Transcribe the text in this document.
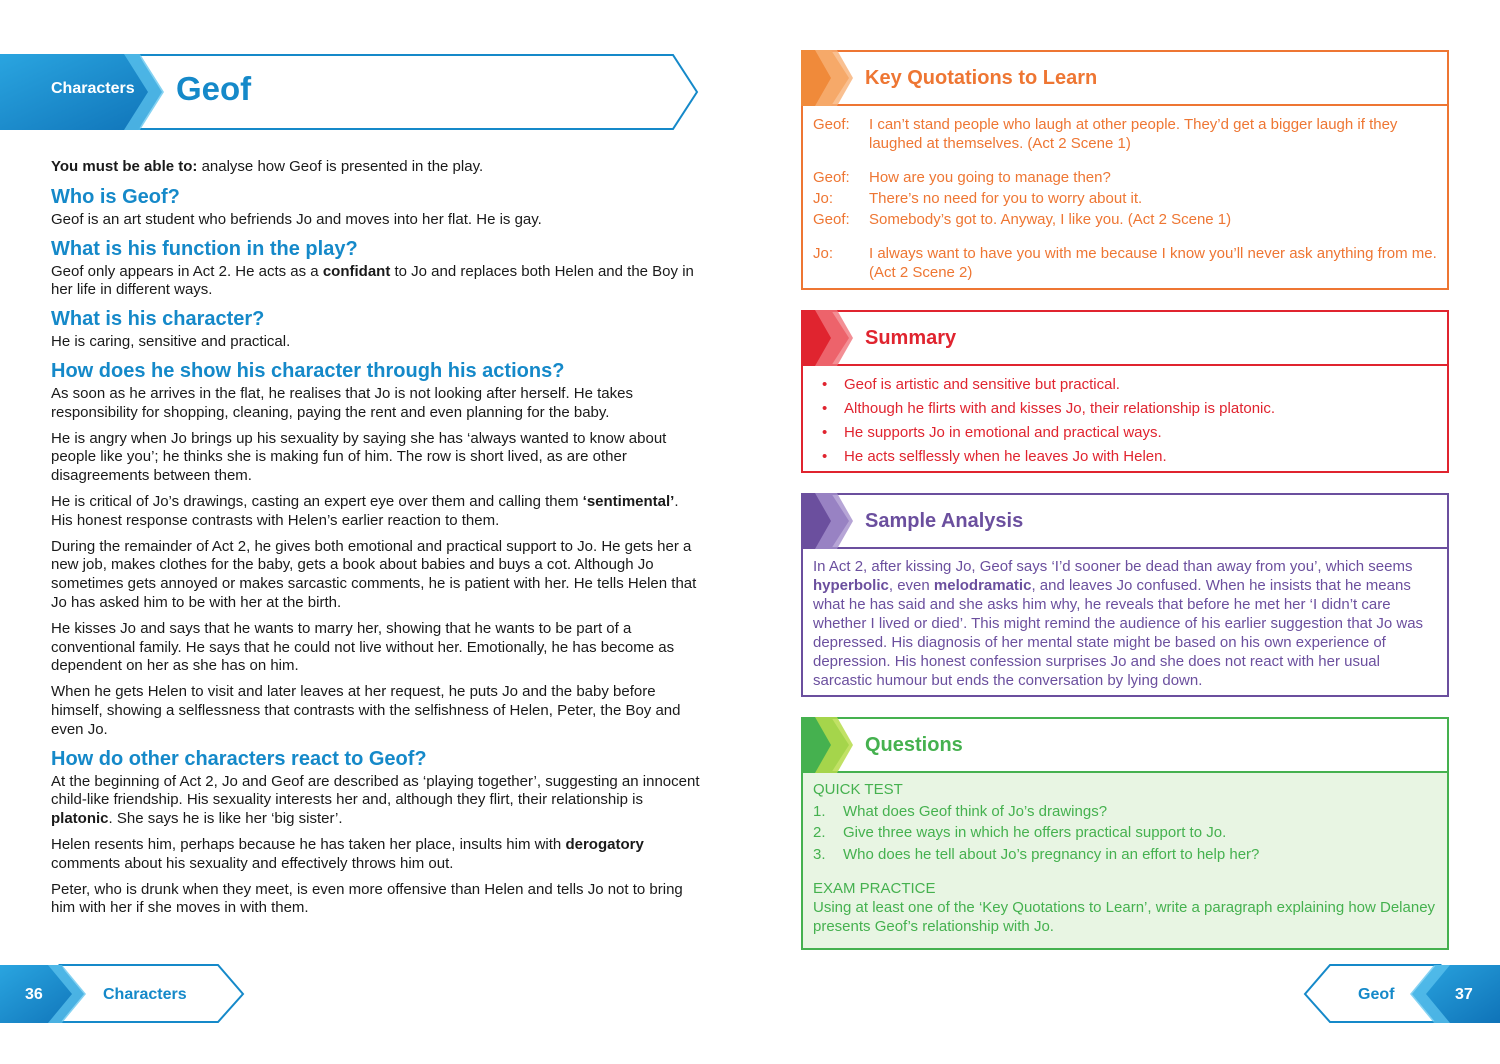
Characters Geof

You must be able to: analyse how Geof is presented in the play.

Who is Geof?

Geof is an art student who befriends Jo and moves into her flat. He is gay.

What is his function in the play?

Geof only appears in Act 2. He acts as a confidant to Jo and replaces both Helen and the Boy in her life in different ways.

What is his character?

He is caring, sensitive and practical.

How does he show his character through his actions?

As soon as he arrives in the flat, he realises that Jo is not looking after herself. He takes responsibility for shopping, cleaning, paying the rent and even planning for the baby.

He is angry when Jo brings up his sexuality by saying she has ‘always wanted to know about people like you’; he thinks she is making fun of him. The row is short lived, as are other disagreements between them.

He is critical of Jo’s drawings, casting an expert eye over them and calling them ‘sentimental’. His honest response contrasts with Helen’s earlier reaction to them.

During the remainder of Act 2, he gives both emotional and practical support to Jo. He gets her a new job, makes clothes for the baby, gets a book about babies and buys a cot. Although Jo sometimes gets annoyed or makes sarcastic comments, he is patient with her. He tells Helen that Jo has asked him to be with her at the birth.

He kisses Jo and says that he wants to marry her, showing that he wants to be part of a conventional family. He says that he could not live without her. Emotionally, he has become as dependent on her as she has on him.

When he gets Helen to visit and later leaves at her request, he puts Jo and the baby before himself, showing a selflessness that contrasts with the selfishness of Helen, Peter, the Boy and even Jo.

How do other characters react to Geof?

At the beginning of Act 2, Jo and Geof are described as ‘playing together’, suggesting an innocent child-like friendship. His sexuality interests her and, although they flirt, their relationship is platonic. She says he is like her ‘big sister’.

Helen resents him, perhaps because he has taken her place, insults him with derogatory comments about his sexuality and effectively throws him out.

Peter, who is drunk when they meet, is even more offensive than Helen and tells Jo not to bring him with her if she moves in with them.

36	Characters
Key Quotations to Learn
Geof:	I can’t stand people who laugh at other people. They’d get a bigger laugh if they laughed at themselves. (Act 2 Scene 1)
Geof:	How are you going to manage then?
Jo:	There’s no need for you to worry about it.
Geof:	Somebody’s got to. Anyway, I like you. (Act 2 Scene 1)
Jo:	I always want to have you with me because I know you’ll never ask anything from me. (Act 2 Scene 2)
Summary
• Geof is artistic and sensitive but practical.
• Although he flirts with and kisses Jo, their relationship is platonic.
• He supports Jo in emotional and practical ways.
• He acts selflessly when he leaves Jo with Helen.
Sample Analysis
In Act 2, after kissing Jo, Geof says ‘I’d sooner be dead than away from you’, which seems hyperbolic, even melodramatic, and leaves Jo confused. When he insists that he means what he has said and she asks him why, he reveals that before he met her ‘I didn’t care whether I lived or died’. This might remind the audience of his earlier suggestion that Jo was depressed. His diagnosis of her mental state might be based on his own experience of depression. His honest confession surprises Jo and she does not react with her usual sarcastic humour but ends the conversation by lying down.
Questions
QUICK TEST
1.	What does Geof think of Jo’s drawings?
2.	Give three ways in which he offers practical support to Jo.
3.	Who does he tell about Jo’s pregnancy in an effort to help her?
EXAM PRACTICE
Using at least one of the ‘Key Quotations to Learn’, write a paragraph explaining how Delaney presents Geof’s relationship with Jo.
Geof	37
